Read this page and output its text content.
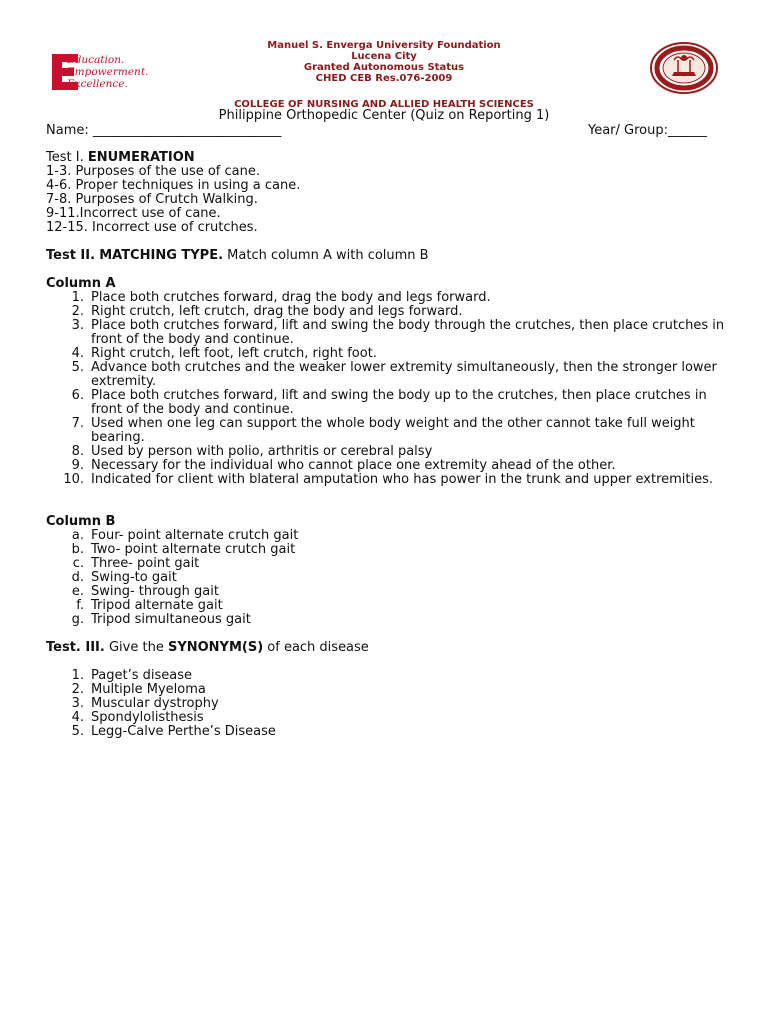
Education.
Empowerment.
Excellence.
Manuel S. Enverga University Foundation
Lucena City
Granted Autonomous Status
CHED CEB Res.076-2009
COLLEGE OF NURSING AND ALLIED HEALTH SCIENCES
Philippine Orthopedic Center (Quiz on Reporting 1)
Name: _____________________________	Year/ Group:______
Test I. ENUMERATION
1-3. Purposes of the use of cane.
4-6. Proper techniques in using a cane.
7-8. Purposes of Crutch Walking.
9-11.Incorrect use of cane.
12-15. Incorrect use of crutches.
Test II. MATCHING TYPE. Match column A with column B
Column A
1. Place both crutches forward, drag the body and legs forward.
2. Right crutch, left crutch, drag the body and legs forward.
3. Place both crutches forward, lift and swing the body through the crutches, then place crutches in front of the body and continue.
4. Right crutch, left foot, left crutch, right foot.
5. Advance both crutches and the weaker lower extremity simultaneously, then the stronger lower extremity.
6. Place both crutches forward, lift and swing the body up to the crutches, then place crutches in front of the body and continue.
7. Used when one leg can support the whole body weight and the other cannot take full weight bearing.
8. Used by person with polio, arthritis or cerebral palsy
9. Necessary for the individual who cannot place one extremity ahead of the other.
10. Indicated for client with blateral amputation who has power in the trunk and upper extremities.
Column B
a. Four- point alternate crutch gait
b. Two- point alternate crutch gait
c. Three- point gait
d. Swing-to gait
e. Swing- through gait
f. Tripod alternate gait
g. Tripod simultaneous gait
Test. III. Give the SYNONYM(S) of each disease
1. Paget’s disease
2. Multiple Myeloma
3. Muscular dystrophy
4. Spondylolisthesis
5. Legg-Calve Perthe’s Disease
